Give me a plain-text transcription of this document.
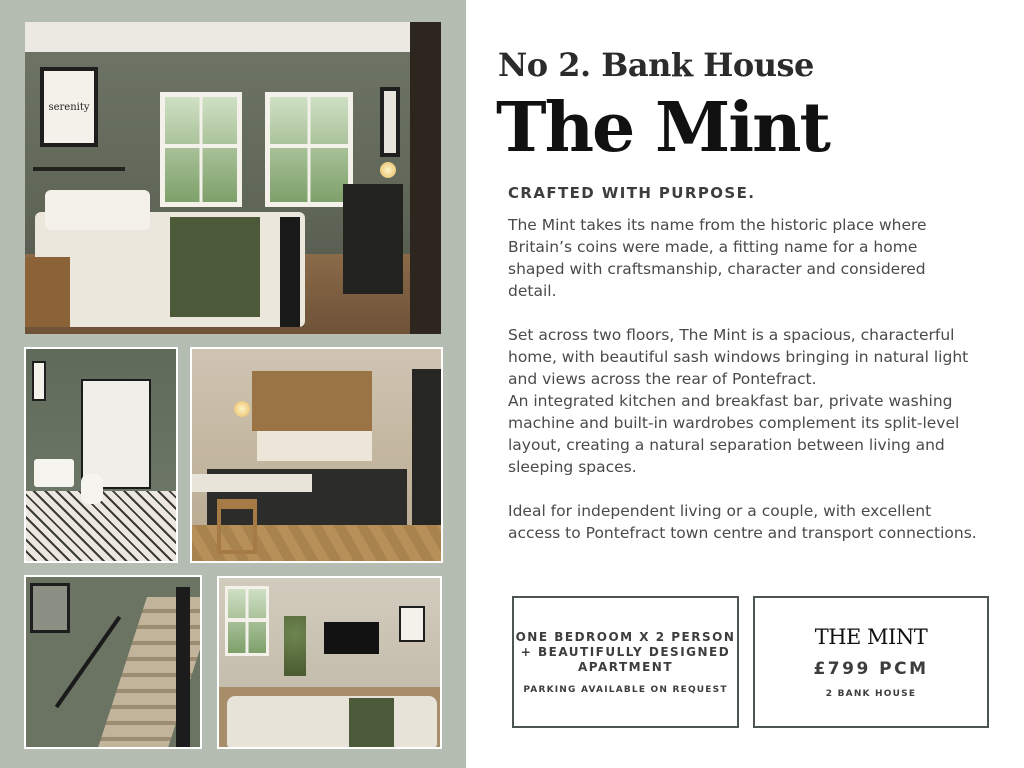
serenity
No 2. Bank House
The Mint
CRAFTED WITH PURPOSE.

The Mint takes its name from the historic place where Britain’s coins were made, a fitting name for a home shaped with craftsmanship, character and considered detail.

Set across two floors, The Mint is a spacious, characterful home, with beautiful sash windows bringing in natural light and views across the rear of Pontefract.

An integrated kitchen and breakfast bar, private washing machine and built-in wardrobes complement its split-level layout, creating a natural separation between living and sleeping spaces.

Ideal for independent living or a couple, with excellent access to Pontefract town centre and transport connections.

ONE BEDROOM X 2 PERSON
+ BEAUTIFULLY DESIGNED
APARTMENT
PARKING AVAILABLE ON REQUEST
THE MINT
£799 PCM
2 BANK HOUSE
